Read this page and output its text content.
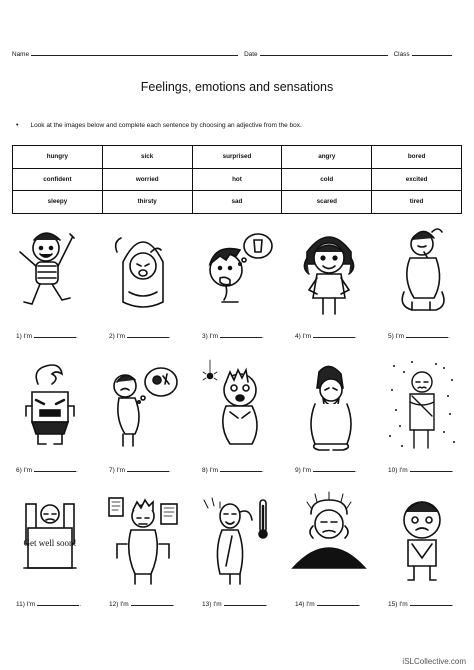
Name	Date	Class
Feelings, emotions and sensations
• Look at the images below and complete each sentence by choosing an adjective from the box.
hungry	sick	surprised	angry	bored
confident	worried	hot	cold	excited
sleepy	thirsty	sad	scared	tired
1) I'm	.	2) I'm	.	3) I'm	.	4) I'm	.	5) I'm	.
6) I'm	.	7) I'm	.	8) I'm	.	9) I'm	.	10) I'm	.
Get well soon!
11) I'm	.	12) I'm	.	13) I'm	.	14) I'm	.	15) I'm	.
iSLCollective.com
